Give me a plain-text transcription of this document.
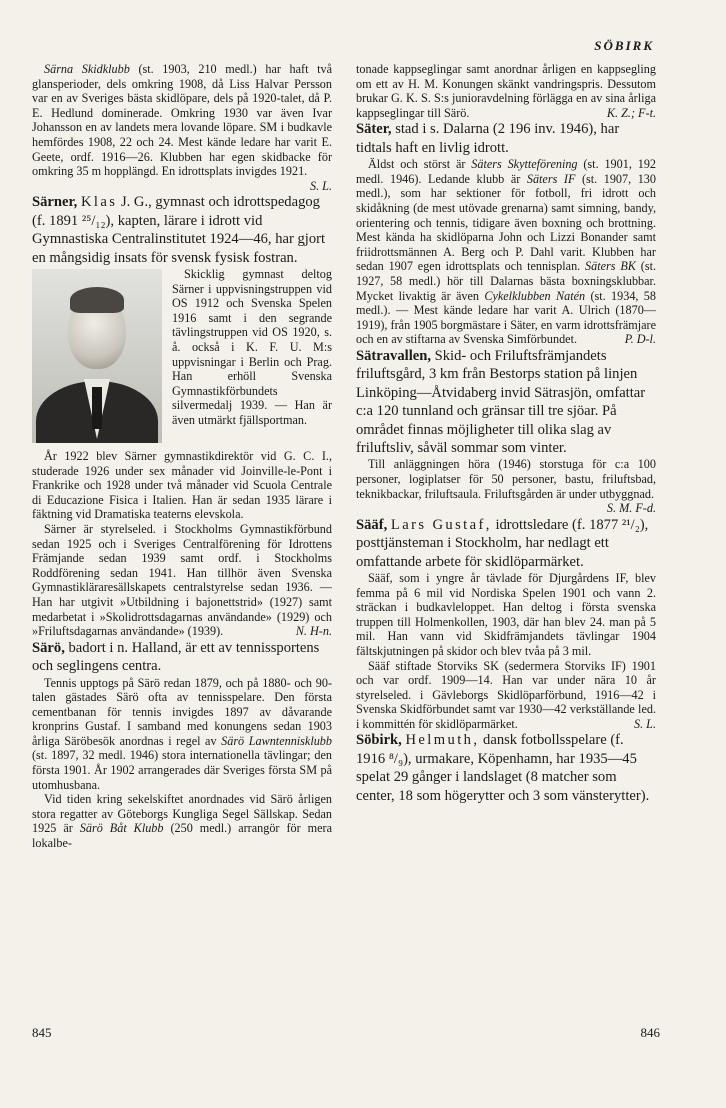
SÖBIRK

Särna Skidklubb (st. 1903, 210 medl.) har haft två glansperioder, dels omkring 1908, då Liss Halvar Persson var en av Sveriges bästa skidlöpare, dels på 1920-talet, då P. E. Hedlund dominerade. Omkring 1930 var även Ivar Johansson en av landets mera lovande löpare. SM i budkavle hemfördes 1908, 22 och 24. Mest kände ledare har varit E. Geete, ordf. 1916—26. Klubben har egen skidbacke för omkring 35 m hopplängd. En idrottsplats invigdes 1921.
S. L.

Särner, Klas J. G., gymnast och idrottspedagog (f. 1891 ²⁵/₁₂), kapten, lärare i idrott vid Gymnastiska Centralinstitutet 1924—46, har gjort en mångsidig insats för svensk fysisk fostran.

Skicklig gymnast deltog Särner i uppvisningstruppen vid OS 1912 och Svenska Spelen 1916 samt i den segrande tävlingstruppen vid OS 1920, s. å. också i K. F. U. M:s uppvisningar i Berlin och Prag. Han erhöll Svenska Gymnastikförbundets silvermedalj 1939. — Han är även utmärkt fjällsportman.

År 1922 blev Särner gymnastikdirektör vid G. C. I., studerade 1926 under sex månader vid Joinville-le-Pont i Frankrike och 1928 under två månader vid Scuola Centrale di Educazione Fisica i Italien. Han är sedan 1935 lärare i fäktning vid Dramatiska teaterns elevskola.

Särner är styrelseled. i Stockholms Gymnastikförbund sedan 1925 och i Sveriges Centralförening för Idrottens Främjande sedan 1939 samt ordf. i Stockholms Roddförening sedan 1941. Han tillhör även Svenska Gymnastikläraresällskapets centralstyrelse sedan 1936. — Han har utgivit »Utbildning i bajonettstrid» (1927) samt medarbetat i »Skolidrottsdagarnas användande» (1929) och »Friluftsdagarnas användande» (1939).	N. H-n.

Särö, badort i n. Halland, är ett av tennissportens och seglingens centra.

Tennis upptogs på Särö redan 1879, och på 1880- och 90-talen gästades Särö ofta av tennisspelare. Den första cementbanan för tennis invigdes 1897 av dåvarande kronprins Gustaf. I samband med konungens sedan 1903 årliga Säröbesök anordnas i regel av Särö Lawntennisklubb (st. 1897, 32 medl. 1946) stora internationella tävlingar; den första 1901. År 1902 arrangerades där Sveriges första SM på utomhusbana.

Vid tiden kring sekelskiftet anordnades vid Särö årligen stora regatter av Göteborgs Kungliga Segel Sällskap. Sedan 1925 är Särö Båt Klubb (250 medl.) arrangör för mera lokalbe-

tonade kappseglingar samt anordnar årligen en kappsegling om ett av H. M. Konungen skänkt vandringspris. Dessutom brukar G. K. S. S:s junioravdelning förlägga en av sina årliga kappseglingar till Särö.	K. Z.; F-t.

Säter, stad i s. Dalarna (2 196 inv. 1946), har tidtals haft en livlig idrott.

Äldst och störst är Säters Skytteförening (st. 1901, 192 medl. 1946). Ledande klubb är Säters IF (st. 1907, 130 medl.), som har sektioner för fotboll, fri idrott och skidåkning (de mest utövade grenarna) samt simning, bandy, orientering och tennis, tidigare även boxning och brottning. Mest kända ha skidlöparna John och Lizzi Bonander samt friidrottsmännen A. Berg och P. Dahl varit. Klubben har sedan 1907 egen idrottsplats och tennisplan. Säters BK (st. 1927, 58 medl.) hör till Dalarnas bästa boxningsklubbar. Mycket livaktig är även Cykelklubben Natén (st. 1934, 58 medl.). — Mest kände ledare har varit A. Ulrich (1870—1919), från 1905 borgmästare i Säter, en varm idrottsfrämjare och en av stiftarna av Svenska Simförbundet.	P. D-l.

Sätravallen, Skid- och Friluftsfrämjandets friluftsgård, 3 km från Bestorps station på linjen Linköping—Åtvidaberg invid Sätrasjön, omfattar c:a 120 tunnland och gränsar till tre sjöar. På området finnas möjligheter till olika slag av friluftsliv, såväl sommar som vinter.

Till anläggningen höra (1946) storstuga för c:a 100 personer, logiplatser för 50 personer, bastu, friluftsbad, teknikbackar, friluftsaula. Friluftsgården är under utbyggnad.
S. M. F-d.

Sääf, Lars Gustaf, idrottsledare (f. 1877 ²¹/₂), posttjänsteman i Stockholm, har nedlagt ett omfattande arbete för skidlöparmärket.

Sääf, som i yngre år tävlade för Djurgårdens IF, blev femma på 6 mil vid Nordiska Spelen 1901 och vann 2. sträckan i budkavleloppet. Han deltog i första svenska truppen till Holmenkollen, 1903, där han blev 24. man på 5 mil. Han vann vid Skidfrämjandets tävlingar 1904 fältskjutningen på skidor och blev tvåa på 3 mil.

Sääf stiftade Storviks SK (sedermera Storviks IF) 1901 och var ordf. 1909—14. Han var under nära 10 år styrelseled. i Gävleborgs Skidlöparförbund, 1916—42 i Svenska Skidförbundet samt var 1930—42 verkställande led. i kommittén för skidlöparmärket.	S. L.

Söbirk, Helmuth, dansk fotbollsspelare (f. 1916 ⁸/₉), urmakare, Köpenhamn, har 1935—45 spelat 29 gånger i landslaget (8 matcher som center, 18 som högerytter och 3 som vänsterytter).

845	846
